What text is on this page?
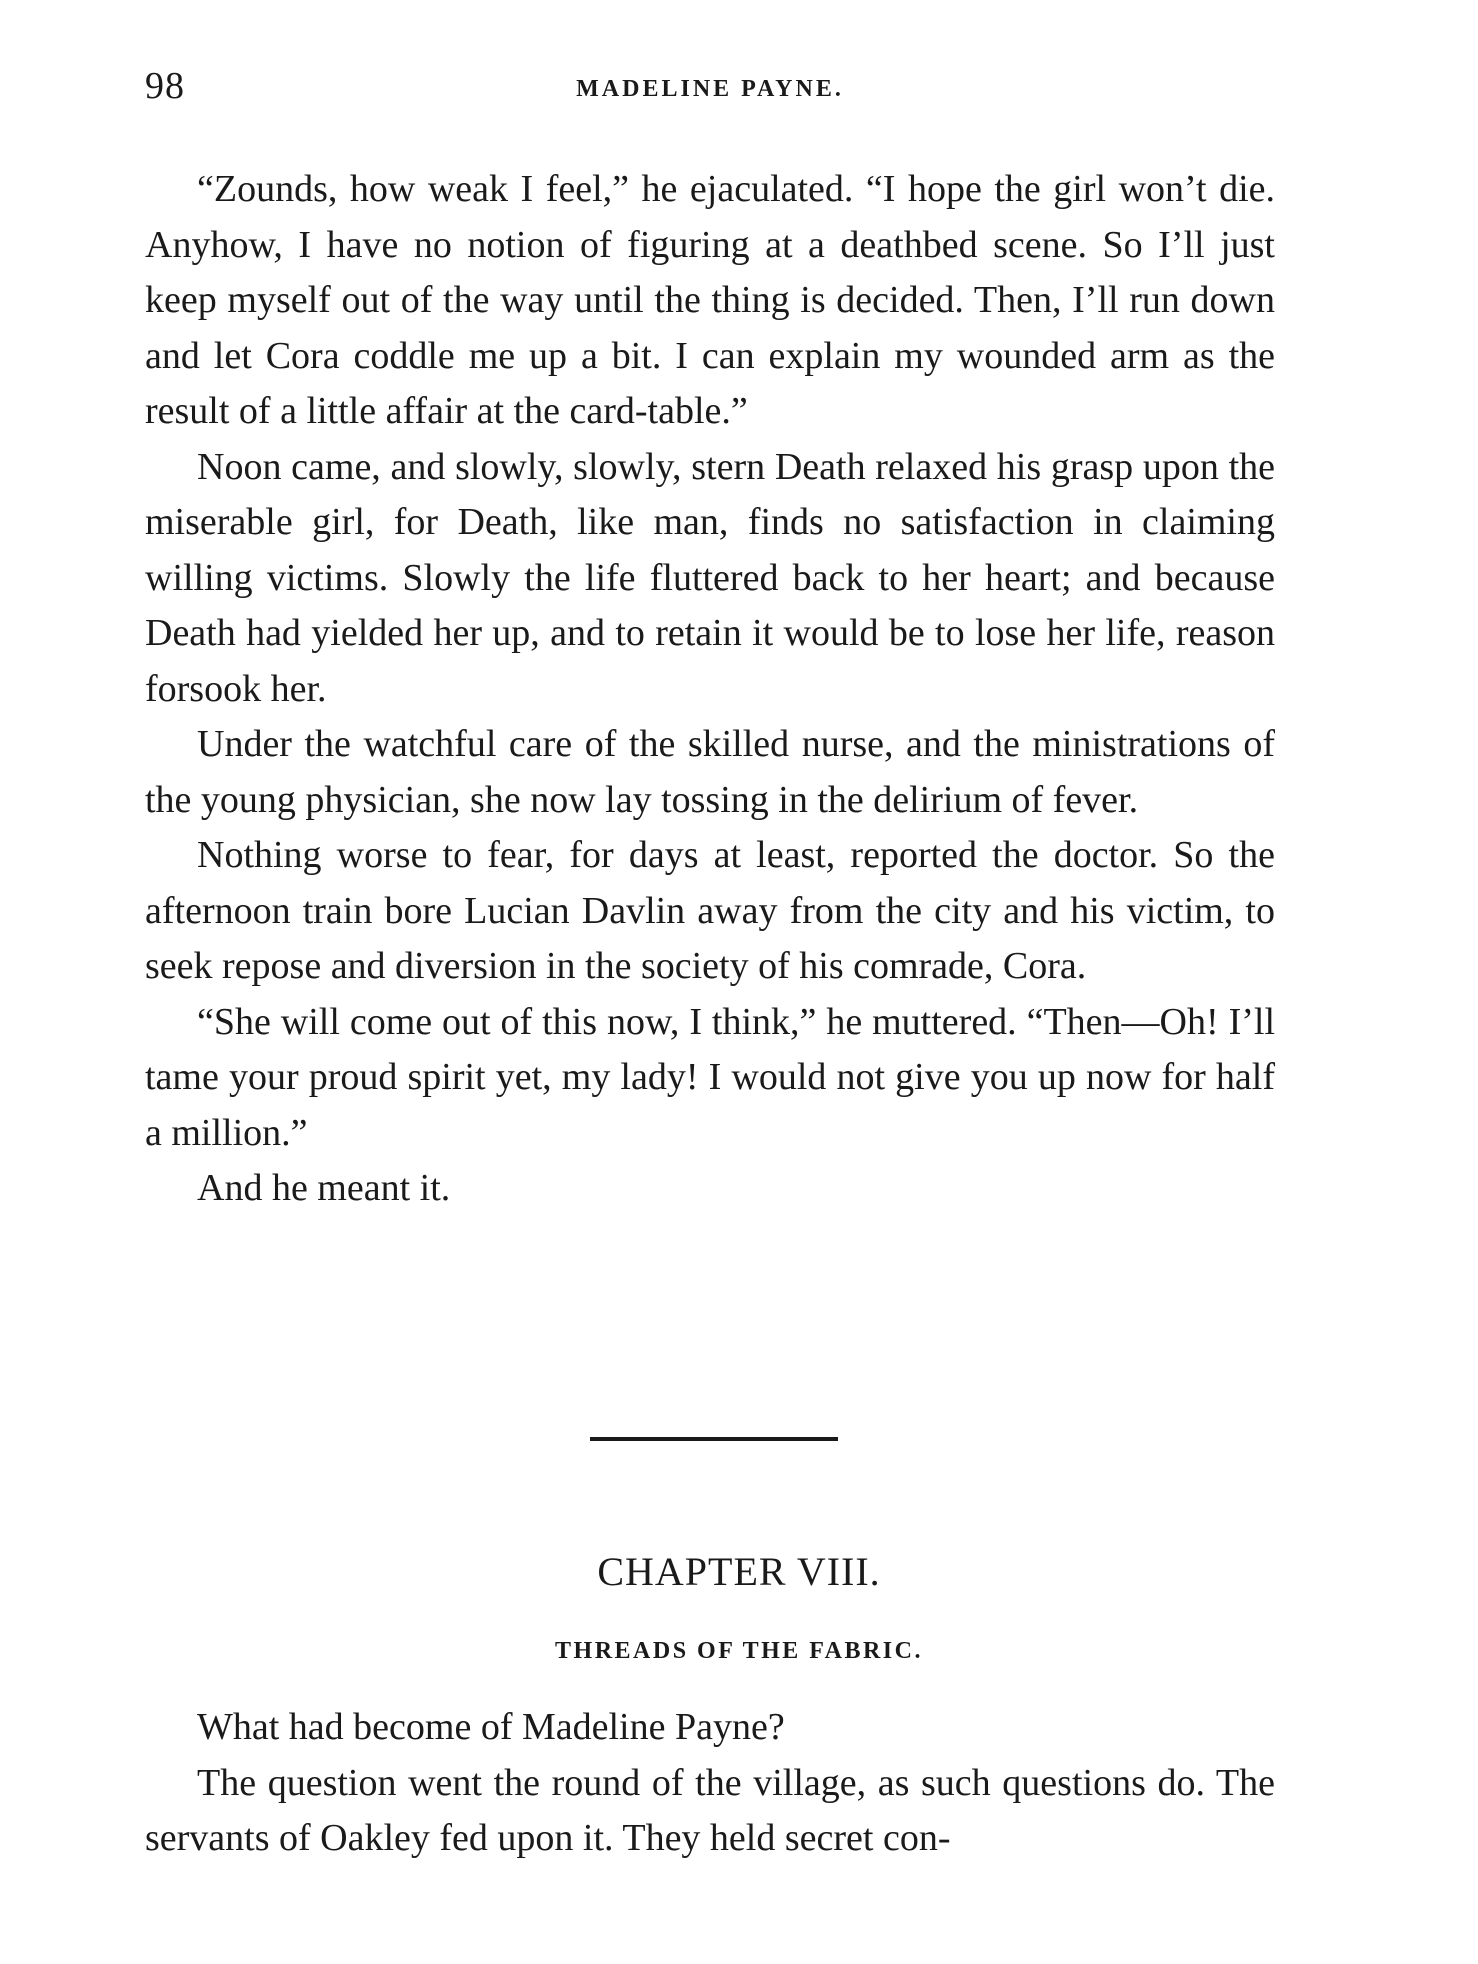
98	MADELINE PAYNE.

“Zounds, how weak I feel,” he ejaculated. “I hope the girl won’t die. Anyhow, I have no notion of figuring at a deathbed scene. So I’ll just keep myself out of the way until the thing is decided. Then, I’ll run down and let Cora coddle me up a bit. I can explain my wounded arm as the result of a little affair at the card-table.”

Noon came, and slowly, slowly, stern Death relaxed his grasp upon the miserable girl, for Death, like man, finds no satisfaction in claiming willing victims. Slowly the life fluttered back to her heart; and because Death had yielded her up, and to retain it would be to lose her life, reason forsook her.

Under the watchful care of the skilled nurse, and the ministrations of the young physician, she now lay tossing in the delirium of fever.

Nothing worse to fear, for days at least, reported the doctor. So the afternoon train bore Lucian Davlin away from the city and his victim, to seek repose and diversion in the society of his comrade, Cora.

“She will come out of this now, I think,” he muttered. “Then—Oh! I’ll tame your proud spirit yet, my lady! I would not give you up now for half a million.”

And he meant it.

CHAPTER VIII.
THREADS OF THE FABRIC.

What had become of Madeline Payne?

The question went the round of the village, as such questions do. The servants of Oakley fed upon it. They held secret con-
